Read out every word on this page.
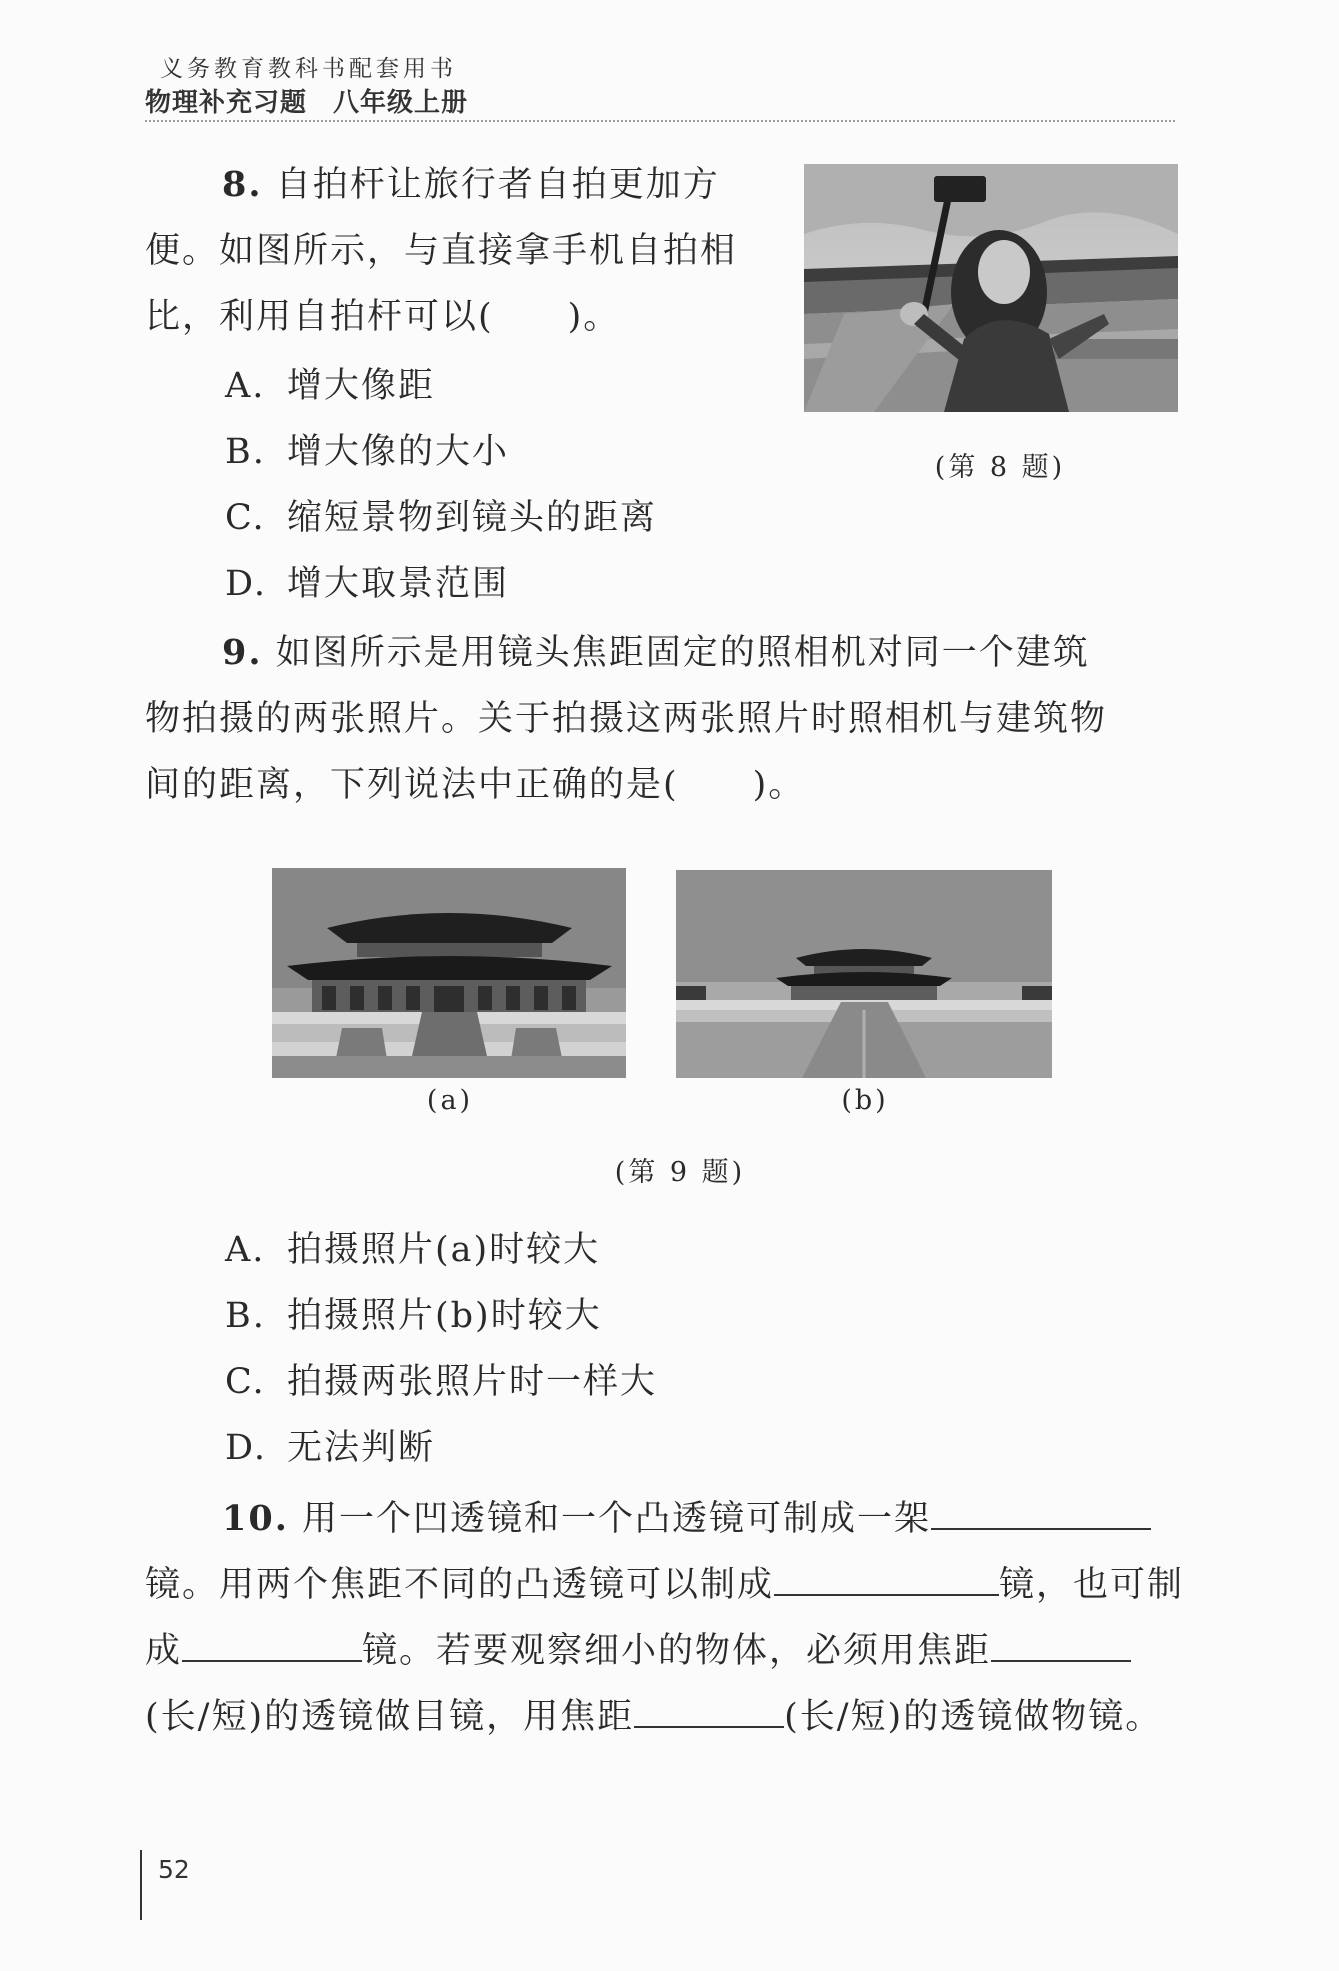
义务教育教科书配套用书
物理补充习题 八年级上册
8. 自拍杆让旅行者自拍更加方
便。如图所示，与直接拿手机自拍相
比，利用自拍杆可以(　　)。
A. 增大像距
B. 增大像的大小
C. 缩短景物到镜头的距离
D. 增大取景范围
(第 8 题)
9. 如图所示是用镜头焦距固定的照相机对同一个建筑
物拍摄的两张照片。关于拍摄这两张照片时照相机与建筑物
间的距离，下列说法中正确的是(　　)。
(a)	(b)
(第 9 题)
A. 拍摄照片(a)时较大
B. 拍摄照片(b)时较大
C. 拍摄两张照片时一样大
D. 无法判断
10. 用一个凹透镜和一个凸透镜可制成一架
镜。用两个焦距不同的凸透镜可以制成	镜，也可制
成	镜。若要观察细小的物体，必须用焦距
(长/短)的透镜做目镜，用焦距	(长/短)的透镜做物镜。
52
